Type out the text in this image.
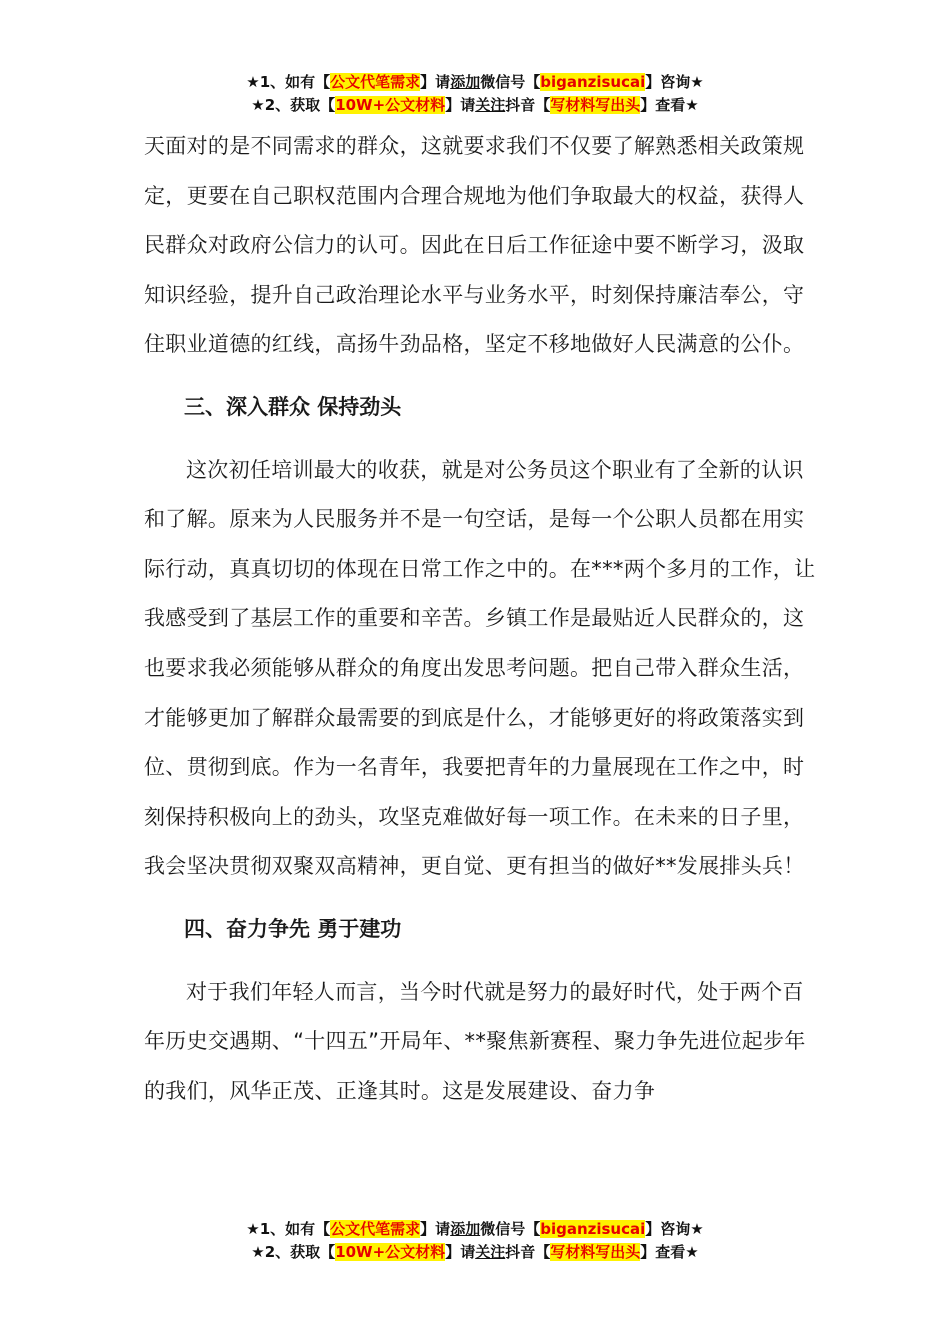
★1、如有【公文代笔需求】请添加微信号【biganzisucai】咨询★
★2、获取【10W+公文材料】请关注抖音【写材料写出头】查看★

天面对的是不同需求的群众，这就要求我们不仅要了解熟悉相关政策规定，更要在自己职权范围内合理合规地为他们争取最大的权益，获得人民群众对政府公信力的认可。因此在日后工作征途中要不断学习，汲取知识经验，提升自己政治理论水平与业务水平，时刻保持廉洁奉公，守住职业道德的红线，高扬牛劲品格，坚定不移地做好人民满意的公仆。

三、深入群众 保持劲头

这次初任培训最大的收获，就是对公务员这个职业有了全新的认识和了解。原来为人民服务并不是一句空话，是每一个公职人员都在用实际行动，真真切切的体现在日常工作之中的。在***两个多月的工作，让我感受到了基层工作的重要和辛苦。乡镇工作是最贴近人民群众的，这也要求我必须能够从群众的角度出发思考问题。把自己带入群众生活，才能够更加了解群众最需要的到底是什么，才能够更好的将政策落实到位、贯彻到底。作为一名青年，我要把青年的力量展现在工作之中，时刻保持积极向上的劲头，攻坚克难做好每一项工作。在未来的日子里，我会坚决贯彻双聚双高精神，更自觉、更有担当的做好**发展排头兵！

四、奋力争先 勇于建功

对于我们年轻人而言，当今时代就是努力的最好时代，处于两个百年历史交遇期、“十四五”开局年、**聚焦新赛程、聚力争先进位起步年的我们，风华正茂、正逢其时。这是发展建设、奋力争

★1、如有【公文代笔需求】请添加微信号【biganzisucai】咨询★
★2、获取【10W+公文材料】请关注抖音【写材料写出头】查看★
